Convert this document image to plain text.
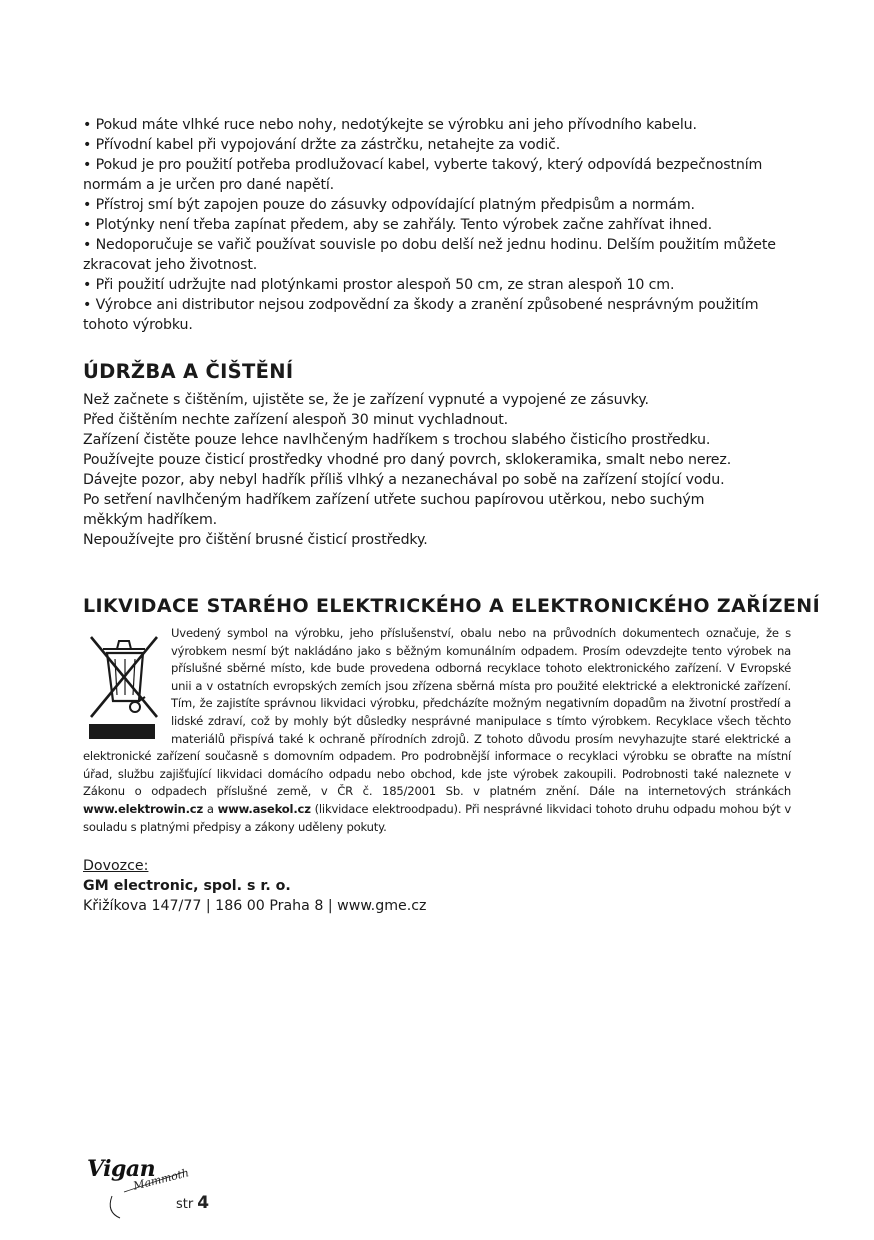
• Pokud máte vlhké ruce nebo nohy, nedotýkejte se výrobku ani jeho přívodního kabelu.

• Přívodní kabel při vypojování držte za zástrčku, netahejte za vodič.

• Pokud je pro použití potřeba prodlužovací kabel, vyberte takový, který odpovídá bezpečnostním normám a je určen pro dané napětí.

• Přístroj smí být zapojen pouze do zásuvky odpovídající platným předpisům a normám.

• Plotýnky není třeba zapínat předem, aby se zahřály. Tento výrobek začne zahřívat ihned.

• Nedoporučuje se vařič používat souvisle po dobu delší než jednu hodinu. Delším použitím můžete zkracovat jeho životnost.

• Při použití udržujte nad plotýnkami prostor alespoň 50 cm, ze stran alespoň 10 cm.

• Výrobce ani distributor nejsou zodpovědní za škody a zranění způsobené nesprávným použitím tohoto výrobku.

ÚDRŽBA A ČIŠTĚNÍ

Než začnete s čištěním, ujistěte se, že je zařízení vypnuté a vypojené ze zásuvky.

Před čištěním nechte zařízení alespoň 30 minut vychladnout.

Zařízení čistěte pouze lehce navlhčeným hadříkem s trochou slabého čisticího prostředku.

Používejte pouze čisticí prostředky vhodné pro daný povrch, sklokeramika, smalt nebo nerez.

Dávejte pozor, aby nebyl hadřík příliš vlhký a nezanechával po sobě na zařízení stojící vodu.

Po setření navlhčeným hadříkem zařízení utřete suchou papírovou utěrkou, nebo suchým měkkým hadříkem.

Nepoužívejte pro čištění brusné čisticí prostředky.

LIKVIDACE STARÉHO ELEKTRICKÉHO A ELEKTRONICKÉHO ZAŘÍZENÍ

Uvedený symbol na výrobku, jeho příslušenství, obalu nebo na průvodních dokumentech označuje, že s výrobkem nesmí být nakládáno jako s běžným komunálním odpadem. Prosím odevzdejte tento výrobek na příslušné sběrné místo, kde bude provedena odborná recyklace tohoto elektronického zařízení. V Evropské unii a v ostatních evropských zemích jsou zřízena sběrná místa pro použité elektrické a elektronické zařízení. Tím, že zajistíte správnou likvidaci výrobku, předcházíte možným negativním dopadům na životní prostředí a lidské zdraví, což by mohly být důsledky nesprávné manipulace s tímto výrobkem. Recyklace všech těchto materiálů přispívá také k ochraně přírodních zdrojů. Z tohoto důvodu prosím nevyhazujte staré elektrické a elektronické zařízení současně s domovním odpadem. Pro podrobnější informace o recyklaci výrobku se obraťte na místní úřad, službu zajišťující likvidaci domácího odpadu nebo obchod, kde jste výrobek zakoupili. Podrobnosti také naleznete v Zákonu o odpadech příslušné země, v ČR č. 185/2001 Sb. v platném znění. Dále na internetových stránkách www.elektrowin.cz a www.asekol.cz (likvidace elektroodpadu). Při nesprávné likvidaci tohoto druhu odpadu mohou být v souladu s platnými předpisy a zákony uděleny pokuty.

Dovozce:
GM electronic, spol. s r. o.
Křižíkova 147/77 | 186 00 Praha 8 | www.gme.cz
Vigan
Mammoth
str 4
